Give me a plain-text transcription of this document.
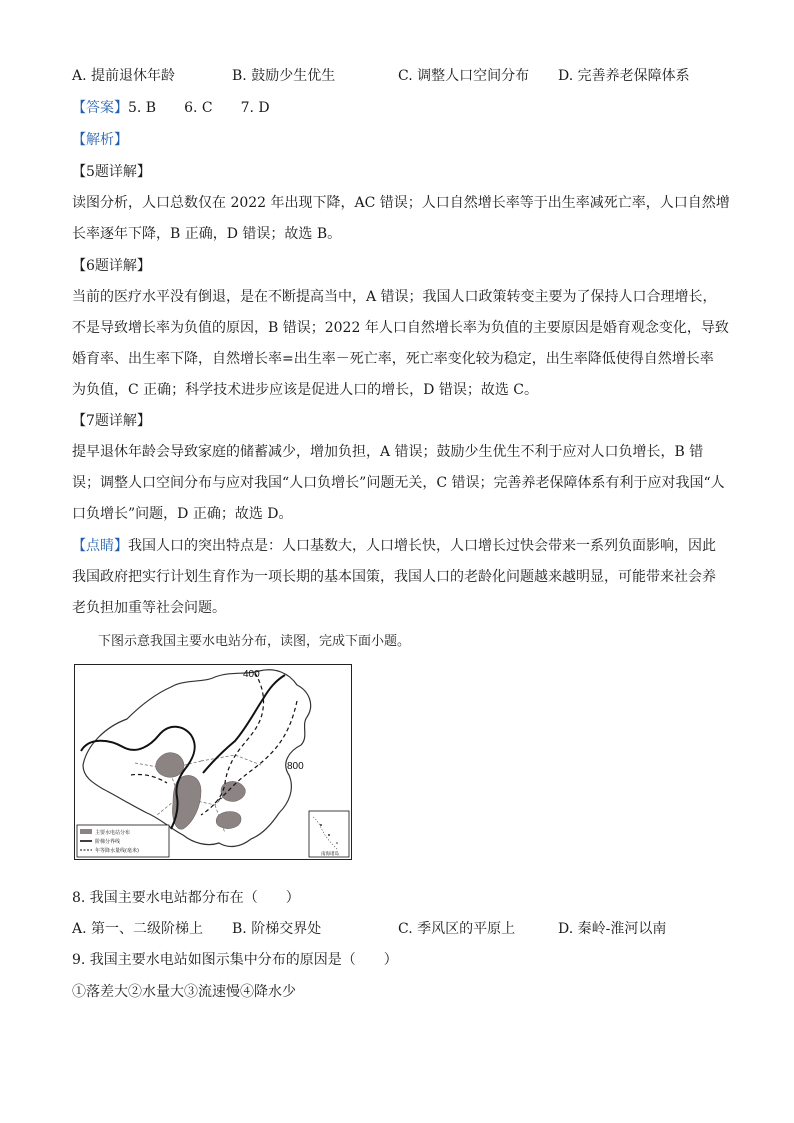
A. 提前退休年龄	B. 鼓励少生优生	C. 调整人口空间分布 D. 完善养老保障体系
【答案】5. B　　6. C　　7. D
【解析】
【5题详解】
读图分析，人口总数仅在 2022 年出现下降，AC 错误；人口自然增长率等于出生率减死亡率，人口自然增
长率逐年下降，B 正确，D 错误；故选 B。
【6题详解】
当前的医疗水平没有倒退，是在不断提高当中，A 错误；我国人口政策转变主要为了保持人口合理增长，
不是导致增长率为负值的原因，B 错误；2022 年人口自然增长率为负值的主要原因是婚育观念变化，导致
婚育率、出生率下降，自然增长率=出生率－死亡率，死亡率变化较为稳定，出生率降低使得自然增长率
为负值，C 正确；科学技术进步应该是促进人口的增长，D 错误；故选 C。
【7题详解】
提早退休年龄会导致家庭的储蓄减少，增加负担，A 错误；鼓励少生优生不利于应对人口负增长，B 错
误；调整人口空间分布与应对我国“人口负增长”问题无关，C 错误；完善养老保障体系有利于应对我国“人
口负增长”问题，D 正确；故选 D。
【点睛】我国人口的突出特点是：人口基数大，人口增长快，人口增长过快会带来一系列负面影响，因此
我国政府把实行计划生育作为一项长期的基本国策，我国人口的老龄化问题越来越明显，可能带来社会养
老负担加重等社会问题。
下图示意我国主要水电站分布，读图，完成下面小题。
400
800
主要水电站分布
阶梯分界线
年等降水量线(毫米)
南海诸岛
8. 我国主要水电站都分布在（　　）
A. 第一、二级阶梯上 B. 阶梯交界处	C. 季风区的平原上	D. 秦岭-淮河以南
9. 我国主要水电站如图示集中分布的原因是（　　）
①落差大②水量大③流速慢④降水少
